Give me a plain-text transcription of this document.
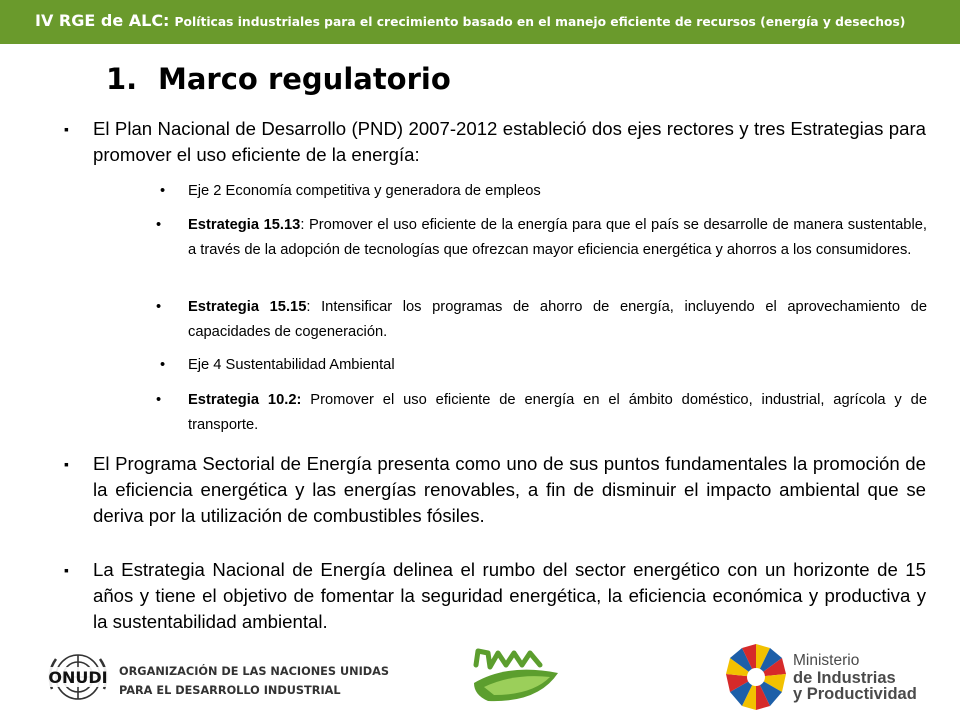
IV RGE de ALC: Políticas industriales para el crecimiento basado en el manejo eficiente de recursos (energía y desechos)
1. Marco regulatorio
▪ El Plan Nacional de Desarrollo (PND) 2007-2012 estableció dos ejes rectores y tres Estrategias para promover el uso eficiente de la energía:
• Eje 2 Economía competitiva y generadora de empleos
• Estrategia 15.13: Promover el uso eficiente de la energía para que el país se desarrolle de manera sustentable, a través de la adopción de tecnologías que ofrezcan mayor eficiencia energética y ahorros a los consumidores.
• Estrategia 15.15: Intensificar los programas de ahorro de energía, incluyendo el aprovechamiento de capacidades de cogeneración.
• Eje 4 Sustentabilidad Ambiental
• Estrategia 10.2: Promover el uso eficiente de energía en el ámbito doméstico, industrial, agrícola y de transporte.
▪ El Programa Sectorial de Energía presenta como uno de sus puntos fundamentales la promoción de la eficiencia energética y las energías renovables, a fin de disminuir el impacto ambiental que se deriva por la utilización de combustibles fósiles.
▪ La Estrategia Nacional de Energía delinea el rumbo del sector energético con un horizonte de 15 años y tiene el objetivo de fomentar la seguridad energética, la eficiencia económica y productiva y la sustentabilidad ambiental.
ONUDI ORGANIZACIÓN DE LAS NACIONES UNIDAS
PARA EL DESARROLLO INDUSTRIAL
Ministerio
de Industrias
y Productividad
